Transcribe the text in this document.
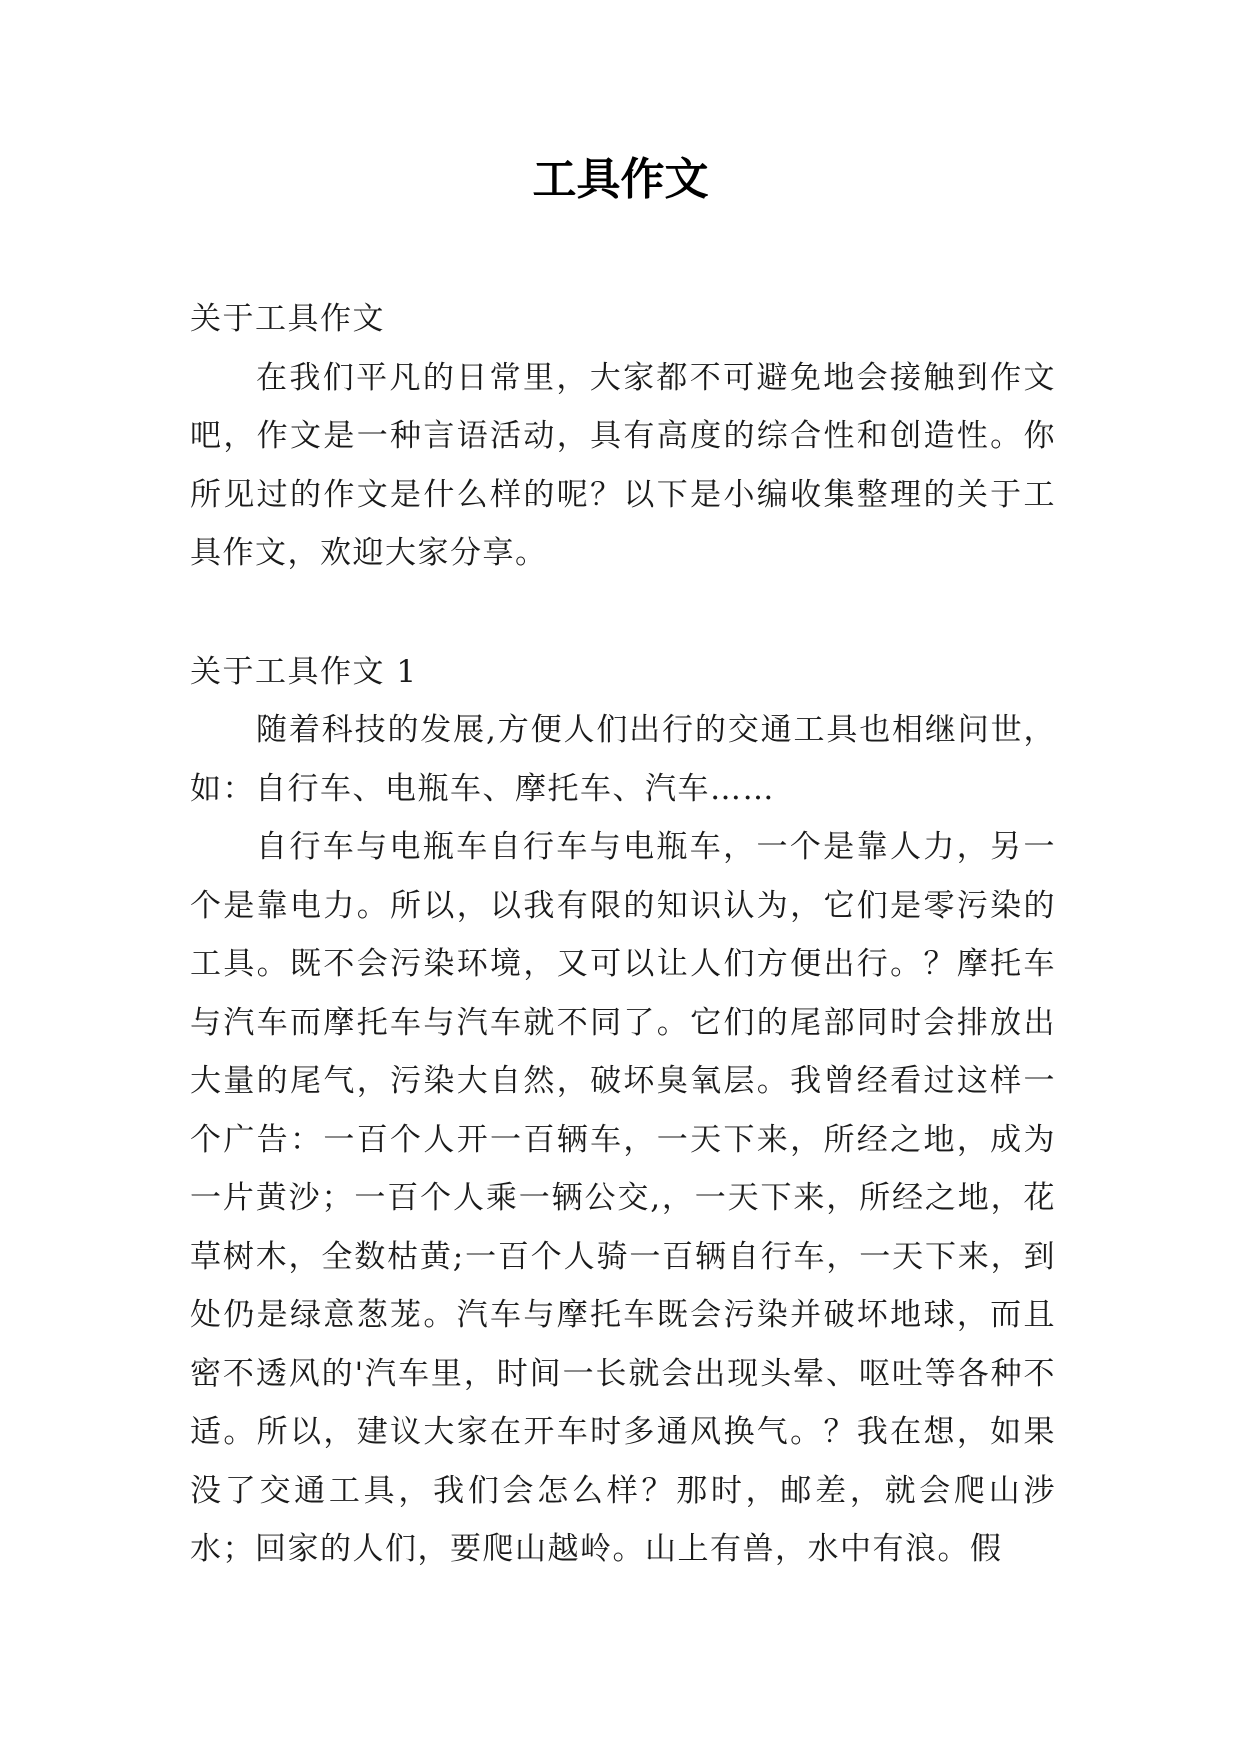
工具作文

关于工具作文

在我们平凡的日常里，大家都不可避免地会接触到作文吧，作文是一种言语活动，具有高度的综合性和创造性。你所见过的作文是什么样的呢？以下是小编收集整理的关于工具作文，欢迎大家分享。

关于工具作文 1

随着科技的发展,方便人们出行的交通工具也相继问世，如：自行车、电瓶车、摩托车、汽车……

自行车与电瓶车自行车与电瓶车，一个是靠人力，另一个是靠电力。所以，以我有限的知识认为，它们是零污染的工具。既不会污染环境，又可以让人们方便出行。？摩托车与汽车而摩托车与汽车就不同了。它们的尾部同时会排放出大量的尾气，污染大自然，破坏臭氧层。我曾经看过这样一个广告：一百个人开一百辆车，一天下来，所经之地，成为一片黄沙；一百个人乘一辆公交,，一天下来，所经之地，花草树木，全数枯黄;一百个人骑一百辆自行车，一天下来，到处仍是绿意葱茏。汽车与摩托车既会污染并破坏地球，而且密不透风的'汽车里，时间一长就会出现头晕、呕吐等各种不适。所以，建议大家在开车时多通风换气。？我在想，如果没了交通工具，我们会怎么样？那时，邮差，就会爬山涉水；回家的人们，要爬山越岭。山上有兽，水中有浪。假
